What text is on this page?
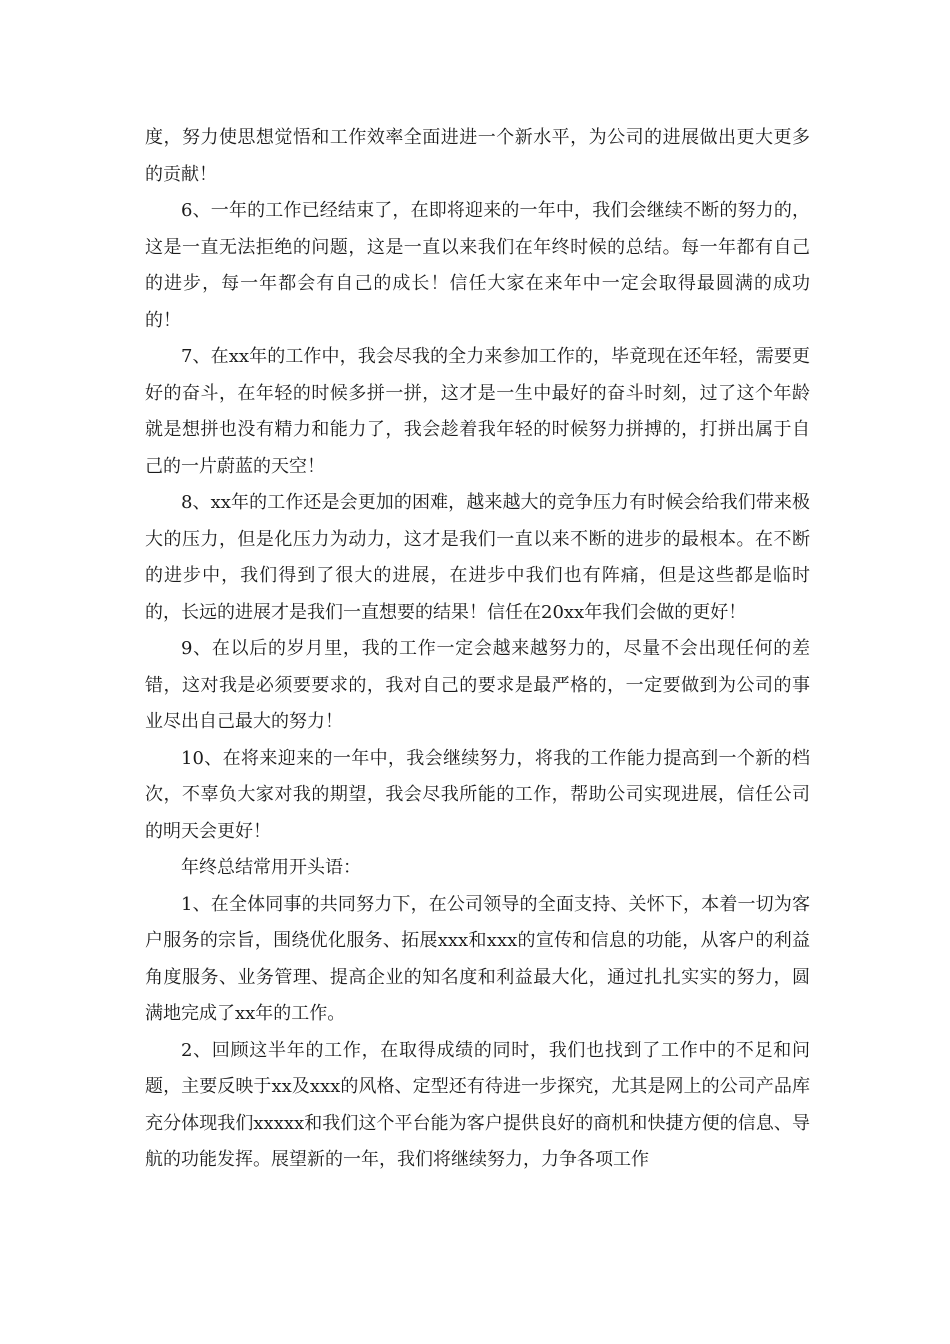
度，努力使思想觉悟和工作效率全面进进一个新水平，为公司的进展做出更大更多的贡献！

6、一年的工作已经结束了，在即将迎来的一年中，我们会继续不断的努力的，这是一直无法拒绝的问题，这是一直以来我们在年终时候的总结。每一年都有自己的进步，每一年都会有自己的成长！信任大家在来年中一定会取得最圆满的成功的！

7、在xx年的工作中，我会尽我的全力来参加工作的，毕竟现在还年轻，需要更好的奋斗，在年轻的时候多拼一拼，这才是一生中最好的奋斗时刻，过了这个年龄就是想拼也没有精力和能力了，我会趁着我年轻的时候努力拼搏的，打拼出属于自己的一片蔚蓝的天空！

8、xx年的工作还是会更加的困难，越来越大的竞争压力有时候会给我们带来极大的压力，但是化压力为动力，这才是我们一直以来不断的进步的最根本。在不断的进步中，我们得到了很大的进展，在进步中我们也有阵痛，但是这些都是临时的，长远的进展才是我们一直想要的结果！信任在20xx年我们会做的更好！

9、在以后的岁月里，我的工作一定会越来越努力的，尽量不会出现任何的差错，这对我是必须要要求的，我对自己的要求是最严格的，一定要做到为公司的事业尽出自己最大的努力！

10、在将来迎来的一年中，我会继续努力，将我的工作能力提高到一个新的档次，不辜负大家对我的期望，我会尽我所能的工作，帮助公司实现进展，信任公司的明天会更好！

年终总结常用开头语：

1、在全体同事的共同努力下，在公司领导的全面支持、关怀下，本着一切为客户服务的宗旨，围绕优化服务、拓展xxx和xxx的宣传和信息的功能，从客户的利益角度服务、业务管理、提高企业的知名度和利益最大化，通过扎扎实实的努力，圆满地完成了xx年的工作。

2、回顾这半年的工作，在取得成绩的同时，我们也找到了工作中的不足和问题，主要反映于xx及xxx的风格、定型还有待进一步探究，尤其是网上的公司产品库充分体现我们xxxxx和我们这个平台能为客户提供良好的商机和快捷方便的信息、导航的功能发挥。展望新的一年，我们将继续努力，力争各项工作
